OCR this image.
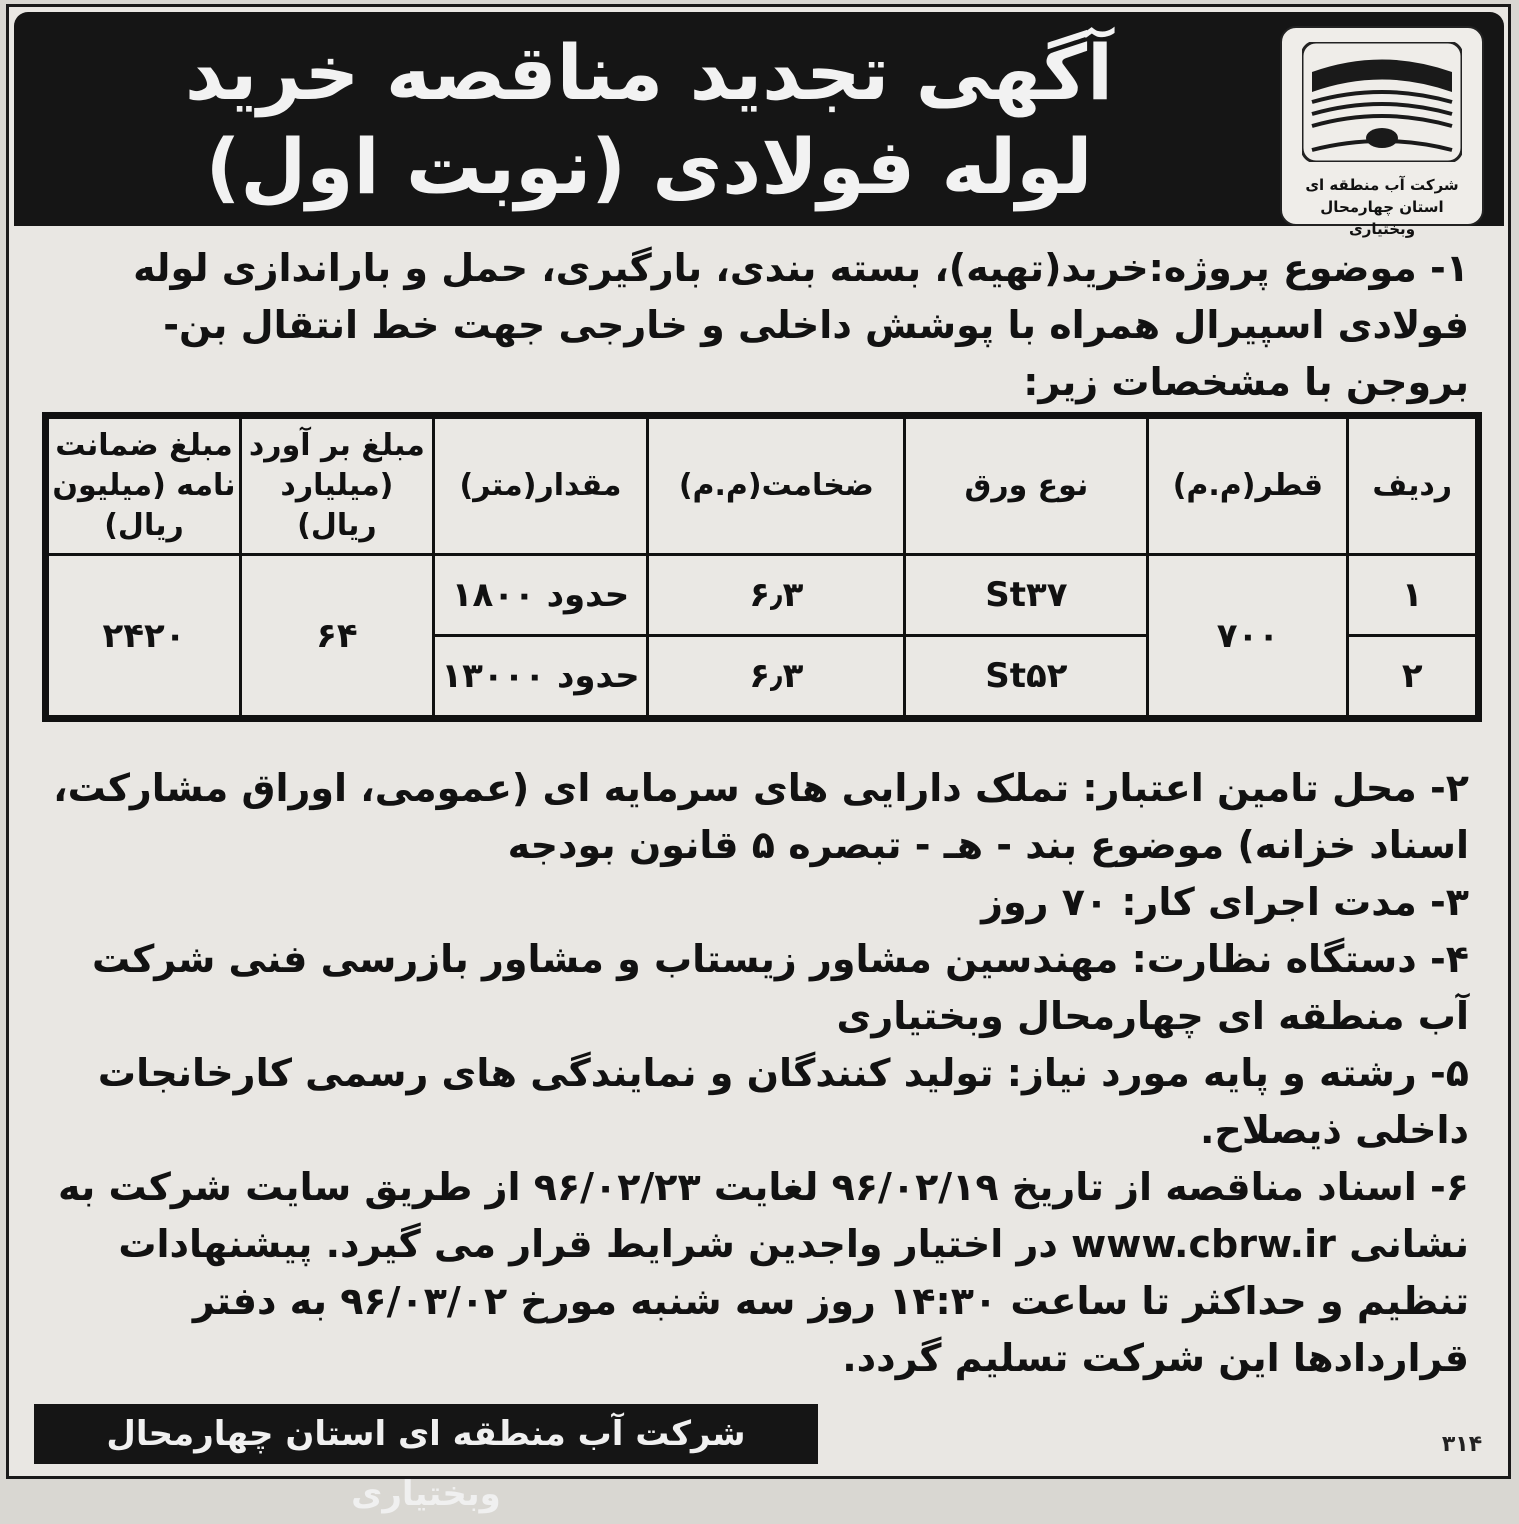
آگهی تجدید مناقصه خرید
لوله فولادی (نوبت اول)	شرکت آب منطقه ای استان چهارمحال وبختیاری
۱- موضوع پروژه:خرید(تهیه)، بسته بندی، بارگیری، حمل و باراندازی لوله فولادی اسپیرال همراه با پوشش داخلی و خارجی جهت خط انتقال بن- بروجن با مشخصات زیر:
ردیف	قطر(م.م)	نوع ورق	ضخامت(م.م)	مقدار(متر)	مبلغ بر آورد (میلیارد ریال)	مبلغ ضمانت نامه (میلیون ریال)
۱	۷۰۰	St۳۷	۶٫۳	حدود ۱۸۰۰	۶۴	۲۴۲۰
۲		St۵۲	۶٫۳	حدود ۱۳۰۰۰		
۲- محل تامین اعتبار: تملک دارایی های سرمایه ای (عمومی، اوراق مشارکت، اسناد خزانه) موضوع بند - هـ - تبصره ۵ قانون بودجه
۳- مدت اجرای کار: ۷۰ روز
۴- دستگاه نظارت: مهندسین مشاور زیستاب و مشاور بازرسی فنی شرکت آب منطقه ای چهارمحال وبختیاری
۵- رشته و پایه مورد نیاز: تولید کنندگان و نمایندگی های رسمی کارخانجات داخلی ذیصلاح.
۶- اسناد مناقصه از تاریخ ۹۶/۰۲/۱۹ لغایت ۹۶/۰۲/۲۳ از طریق سایت شرکت به نشانی www.cbrw.ir در اختیار واجدین شرایط قرار می گیرد. پیشنهادات تنظیم و حداکثر تا ساعت ۱۴:۳۰ روز سه شنبه مورخ ۹۶/۰۳/۰۲ به دفتر قراردادها این شرکت تسلیم گردد.
شرکت آب منطقه ای استان چهارمحال وبختیاری
۳۱۴
